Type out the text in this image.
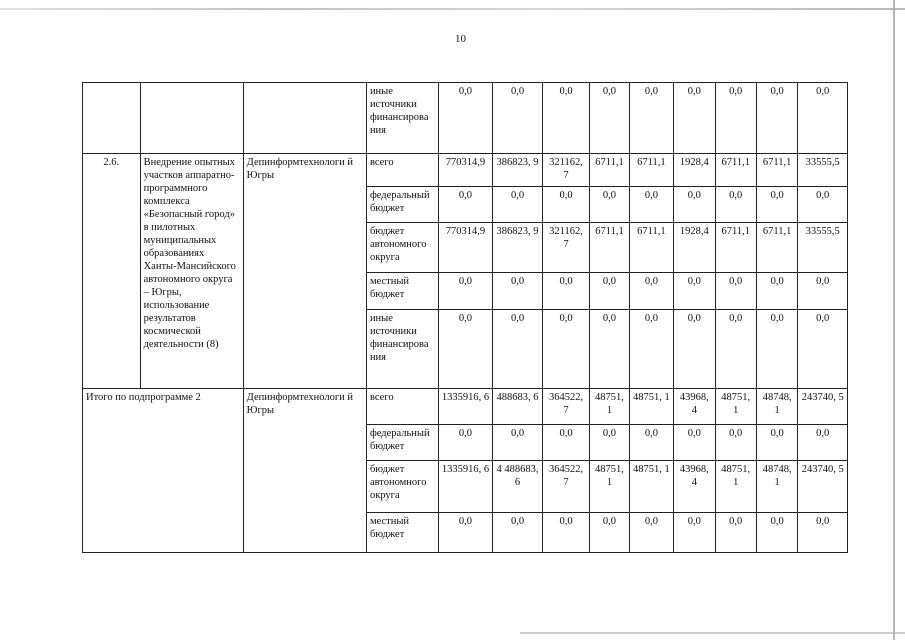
10
			иные источники финансирова ния	0,0	0,0	0,0	0,0	0,0	0,0	0,0	0,0	0,0
2.6.	Внедрение опытных участков аппаратно-программного комплекса «Безопасный город» в пилотных муниципальных образованиях Ханты-Мансийского автономного округа – Югры, использование результатов космической деятельности (8)	Депинформтехнологи й Югры	всего	770314,9	386823, 9	321162, 7	6711,1	6711,1	1928,4	6711,1	6711,1	33555,5
			федеральный бюджет	0,0	0,0	0,0	0,0	0,0	0,0	0,0	0,0	0,0
			бюджет автономного округа	770314,9	386823, 9	321162, 7	6711,1	6711,1	1928,4	6711,1	6711,1	33555,5
			местный бюджет	0,0	0,0	0,0	0,0	0,0	0,0	0,0	0,0	0,0
			иные источники финансирова ния	0,0	0,0	0,0	0,0	0,0	0,0	0,0	0,0	0,0
Итого по подпрограмме 2		Депинформтехнологи й Югры	всего	1335916, 6	488683, 6	364522, 7	48751, 1	48751, 1	43968, 4	48751, 1	48748, 1	243740, 5
			федеральный бюджет	0,0	0,0	0,0	0,0	0,0	0,0	0,0	0,0	0,0
			бюджет автономного округа	1335916, 6	4 488683, 6	364522, 7	48751, 1	48751, 1	43968, 4	48751, 1	48748, 1	243740, 5
			местный бюджет	0,0	0,0	0,0	0,0	0,0	0,0	0,0	0,0	0,0
